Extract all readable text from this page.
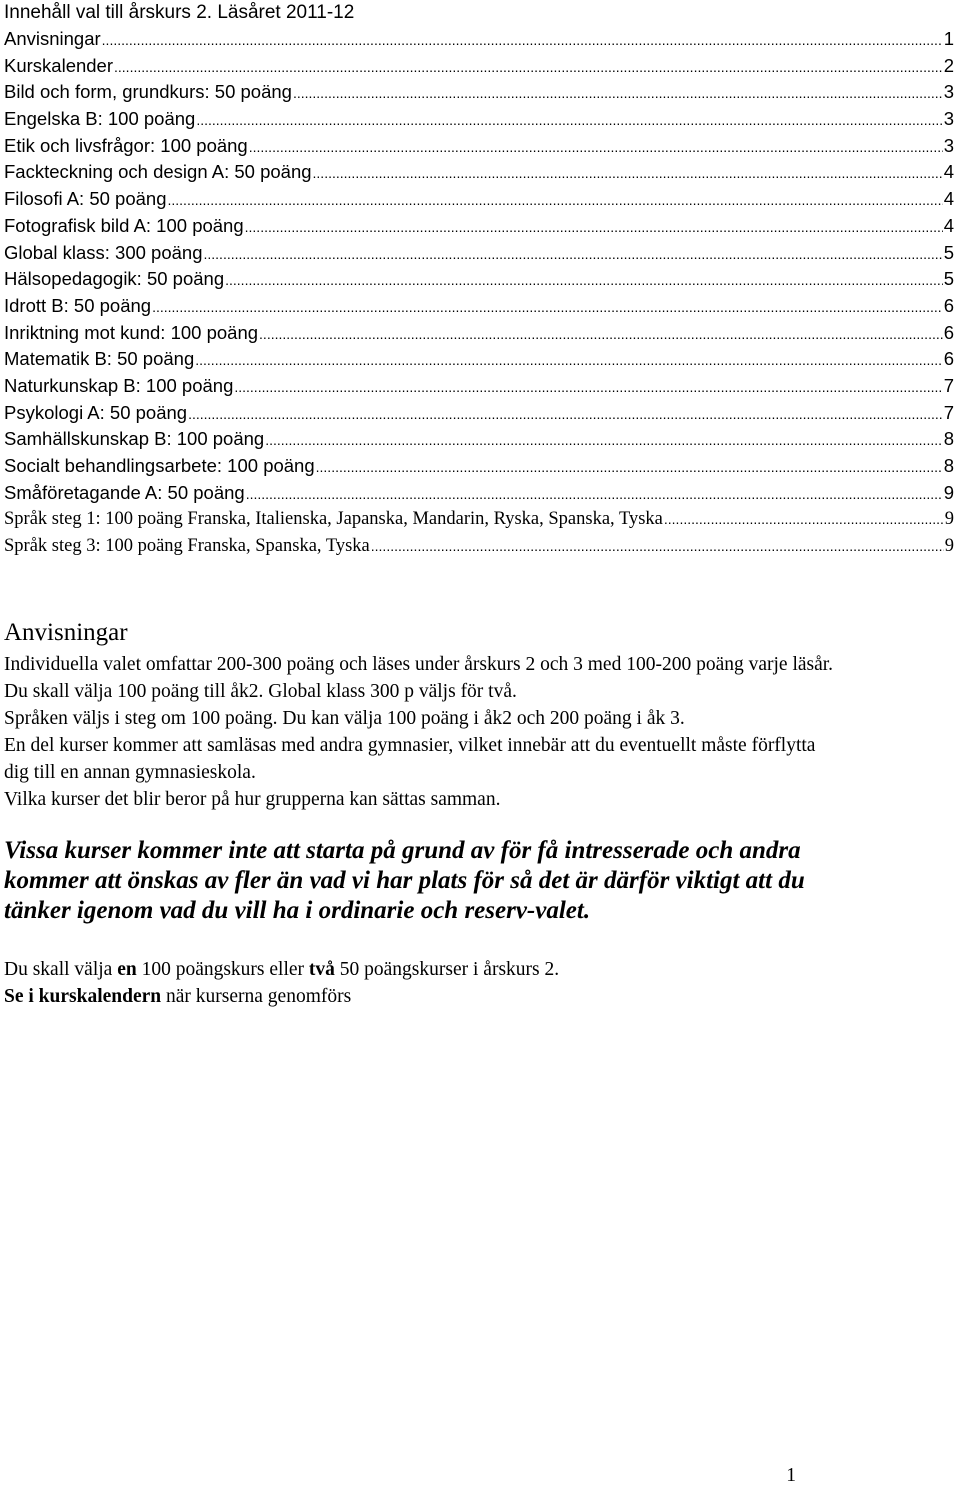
Innehåll val till årskurs 2. Läsåret 2011-12
Anvisningar .....	1
Kurskalender .....	2
Bild och form, grundkurs: 50 poäng .....	3
Engelska B: 100 poäng .....	3
Etik och livsfrågor: 100 poäng .....	3
Fackteckning och design A: 50 poäng .....	4
Filosofi A: 50 poäng .....	4
Fotografisk bild A: 100 poäng .....	4
Global klass: 300 poäng .....	5
Hälsopedagogik: 50 poäng .....	5
Idrott B: 50 poäng .....	6
Inriktning mot kund: 100 poäng .....	6
Matematik B: 50 poäng .....	6
Naturkunskap B: 100 poäng .....	7
Psykologi A: 50 poäng .....	7
Samhällskunskap B: 100 poäng .....	8
Socialt behandlingsarbete: 100 poäng .....	8
Småföretagande A: 50 poäng .....	9
Språk steg 1: 100 poäng Franska, Italienska, Japanska, Mandarin, Ryska, Spanska, Tyska .....	9
Språk steg 3: 100 poäng Franska, Spanska, Tyska .....	9
Anvisningar

Individuella valet omfattar 200-300 poäng och läses under årskurs 2 och 3 med 100-200 poäng varje läsår. Du skall välja 100 poäng till åk2. Global klass 300 p väljs för två.

Språken väljs i steg om 100 poäng. Du kan välja 100 poäng i åk2 och 200 poäng i åk 3.

En del kurser kommer att samläsas med andra gymnasier, vilket innebär att du eventuellt måste förflytta dig till en annan gymnasieskola.

Vilka kurser det blir beror på hur grupperna kan sättas samman.

Vissa kurser kommer inte att starta på grund av för få intresserade och andra kommer att önskas av fler än vad vi har plats för så det är därför viktigt att du tänker igenom vad du vill ha i ordinarie och reserv-valet.

Du skall välja en 100 poängskurs eller två 50 poängskurser i årskurs 2.

Se i kurskalendern när kurserna genomförs

1
